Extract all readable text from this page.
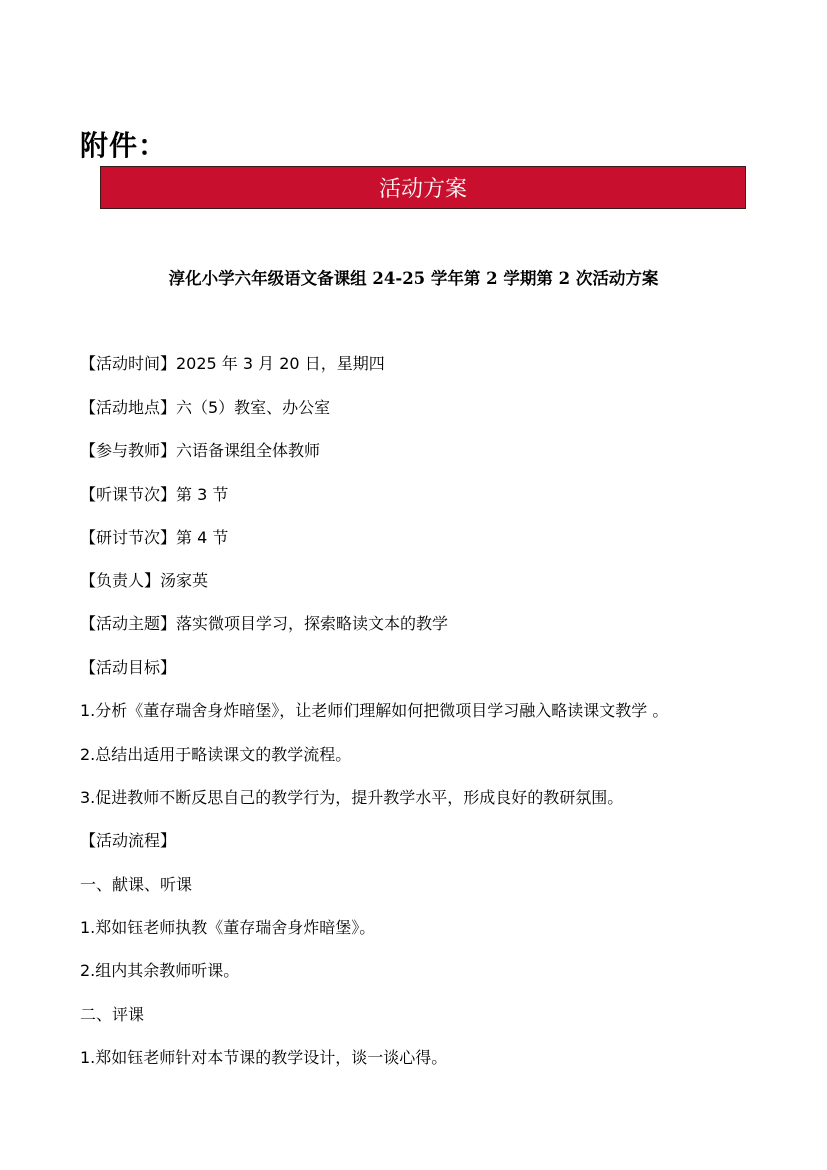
附件：
活动方案
淳化小学六年级语文备课组 24-25 学年第 2 学期第 2 次活动方案
【活动时间】2025 年 3 月 20 日，星期四
【活动地点】六（5）教室、办公室
【参与教师】六语备课组全体教师
【听课节次】第 3 节
【研讨节次】第 4 节
【负责人】汤家英
【活动主题】落实微项目学习，探索略读文本的教学
【活动目标】
1.分析《董存瑞舍身炸暗堡》，让老师们理解如何把微项目学习融入略读课文教学 。
2.总结出适用于略读课文的教学流程。
3.促进教师不断反思自己的教学行为，提升教学水平，形成良好的教研氛围。
【活动流程】
一、献课、听课
1.郑如钰老师执教《董存瑞舍身炸暗堡》。
2.组内其余教师听课。
二、评课
1.郑如钰老师针对本节课的教学设计，谈一谈心得。
